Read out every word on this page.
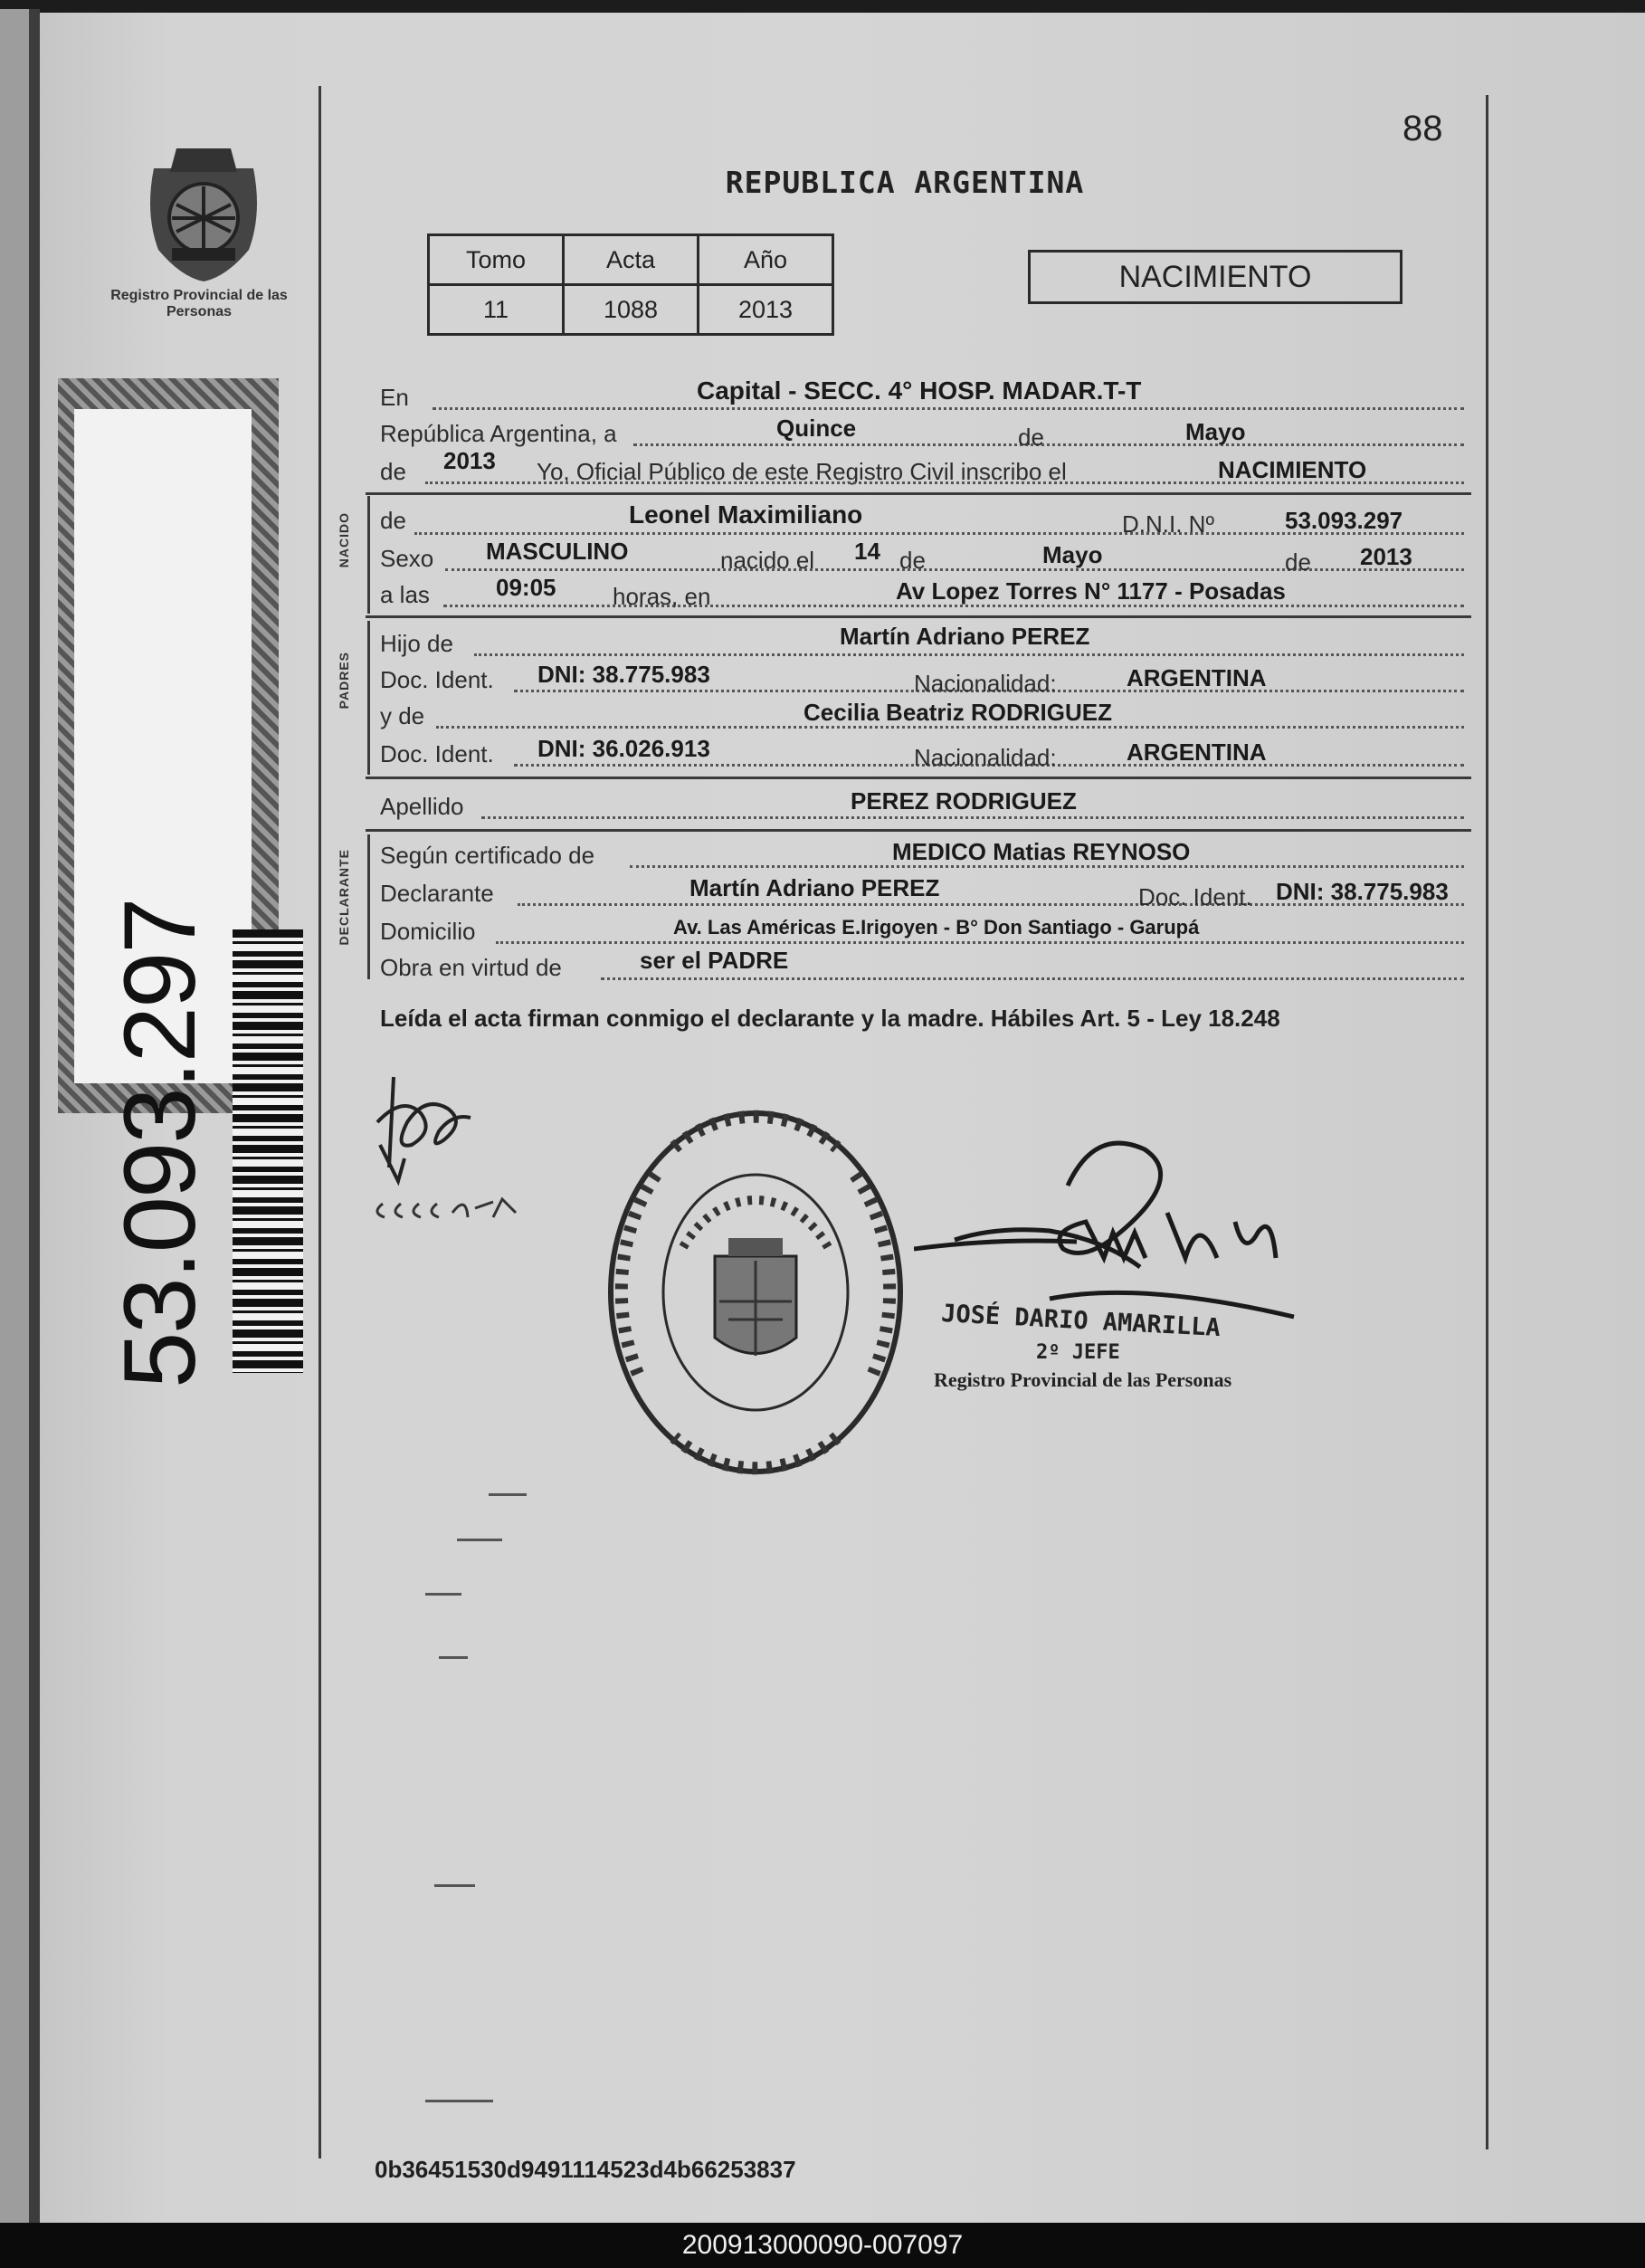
Registro Provincial de las Personas
53.093.297
88
REPUBLICA ARGENTINA
Tomo	Acta	Año
11	1088	2013
NACIMIENTO
En	Capital - SECC. 4° HOSP. MADAR.T-T
República Argentina, a	Quince	de	Mayo
de 2013 Yo, Oficial Público de este Registro Civil inscribo el	NACIMIENTO
NACIDO de	Leonel Maximiliano	D.N.I. Nº	53.093.297
Sexo MASCULINO	nacido el 14 de	Mayo	de 2013
a las	09:05 horas, en	Av Lopez Torres N° 1177 - Posadas
PADRES
Hijo de	Martín Adriano PEREZ
Doc. Ident. DNI: 38.775.983	Nacionalidad:	ARGENTINA
y de	Cecilia Beatriz RODRIGUEZ
Doc. Ident. DNI: 36.026.913	Nacionalidad:	ARGENTINA
Apellido	PEREZ RODRIGUEZ
DECLARANTE Según certificado de	MEDICO Matias REYNOSO
Declarante	Martín Adriano PEREZ	Doc. Ident. DNI: 38.775.983
Domicilio	Av. Las Américas E.Irigoyen - B° Don Santiago - Garupá
Obra en virtud de	ser el PADRE
Leída el acta firman conmigo el declarante y la madre. Hábiles Art. 5 - Ley 18.248
JOSÉ DARIO AMARILLA
2º JEFE
Registro Provincial de las Personas
0b36451530d9491114523d4b66253837
200913000090-007097
